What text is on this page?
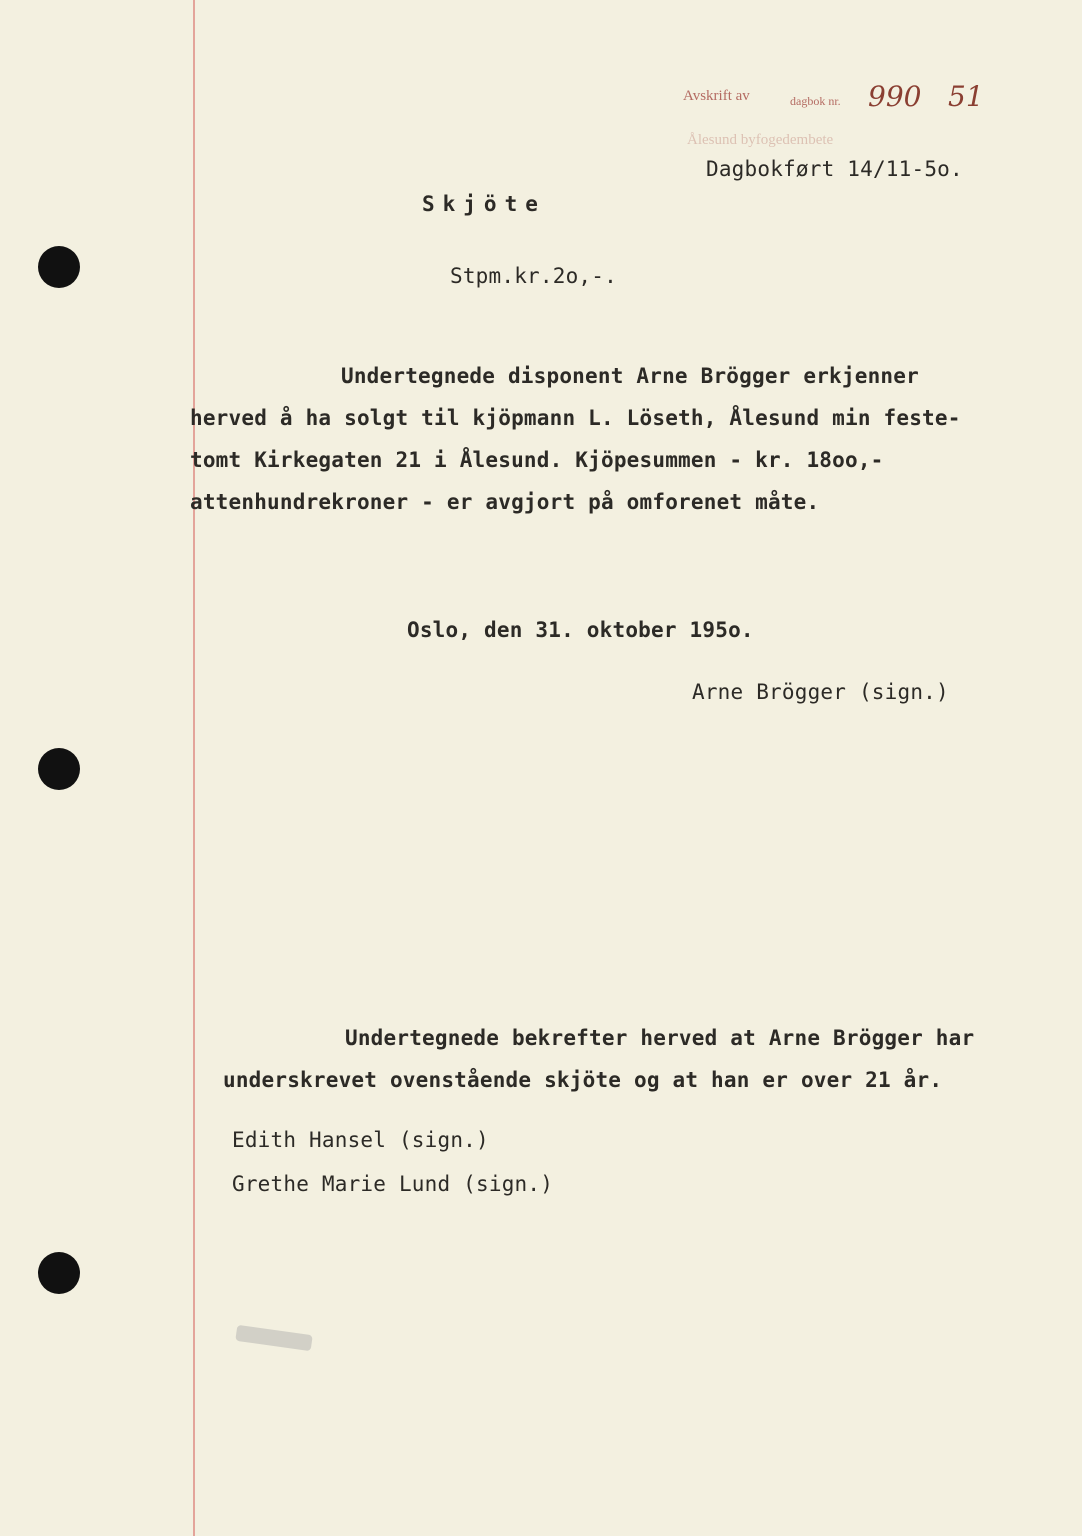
Avskrift av	dagbok nr.
Ålesund byfogedembete
990 51
Dagbokført 14/11-5o.
Skjöte
Stpm.kr.2o,-.
Undertegnede disponent Arne Brögger erkjenner
herved å ha solgt til kjöpmann L. Löseth, Ålesund min feste-
tomt Kirkegaten 21 i Ålesund. Kjöpesummen - kr. 18oo,-
attenhundrekroner - er avgjort på omforenet måte.
Oslo, den 31. oktober 195o.
Arne Brögger (sign.)
Undertegnede bekrefter herved at Arne Brögger har
underskrevet ovenstående skjöte og at han er over 21 år.
Edith Hansel (sign.)
Grethe Marie Lund (sign.)
